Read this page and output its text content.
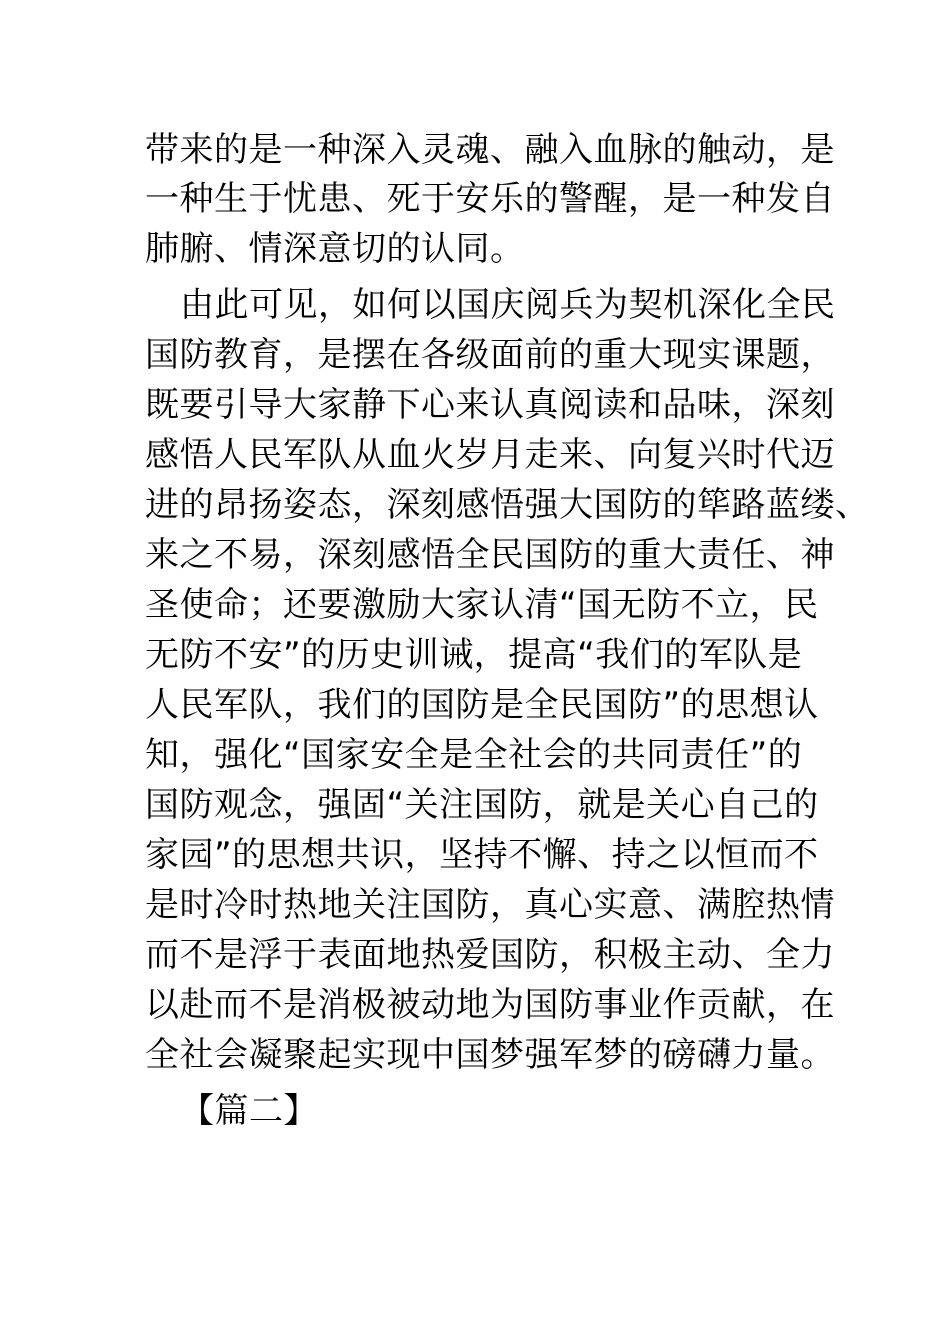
带来的是一种深入灵魂、融入血脉的触动，是
一种生于忧患、死于安乐的警醒，是一种发自
肺腑、情深意切的认同。
由此可见，如何以国庆阅兵为契机深化全民
国防教育，是摆在各级面前的重大现实课题，
既要引导大家静下心来认真阅读和品味，深刻
感悟人民军队从血火岁月走来、向复兴时代迈
进的昂扬姿态，深刻感悟强大国防的筚路蓝缕、
来之不易，深刻感悟全民国防的重大责任、神
圣使命；还要激励大家认清“国无防不立，民
无防不安”的历史训诫，提高“我们的军队是
人民军队，我们的国防是全民国防”的思想认
知，强化“国家安全是全社会的共同责任”的
国防观念，强固“关注国防，就是关心自己的
家园”的思想共识，坚持不懈、持之以恒而不
是时冷时热地关注国防，真心实意、满腔热情
而不是浮于表面地热爱国防，积极主动、全力
以赴而不是消极被动地为国防事业作贡献，在
全社会凝聚起实现中国梦强军梦的磅礴力量。
【篇二】
